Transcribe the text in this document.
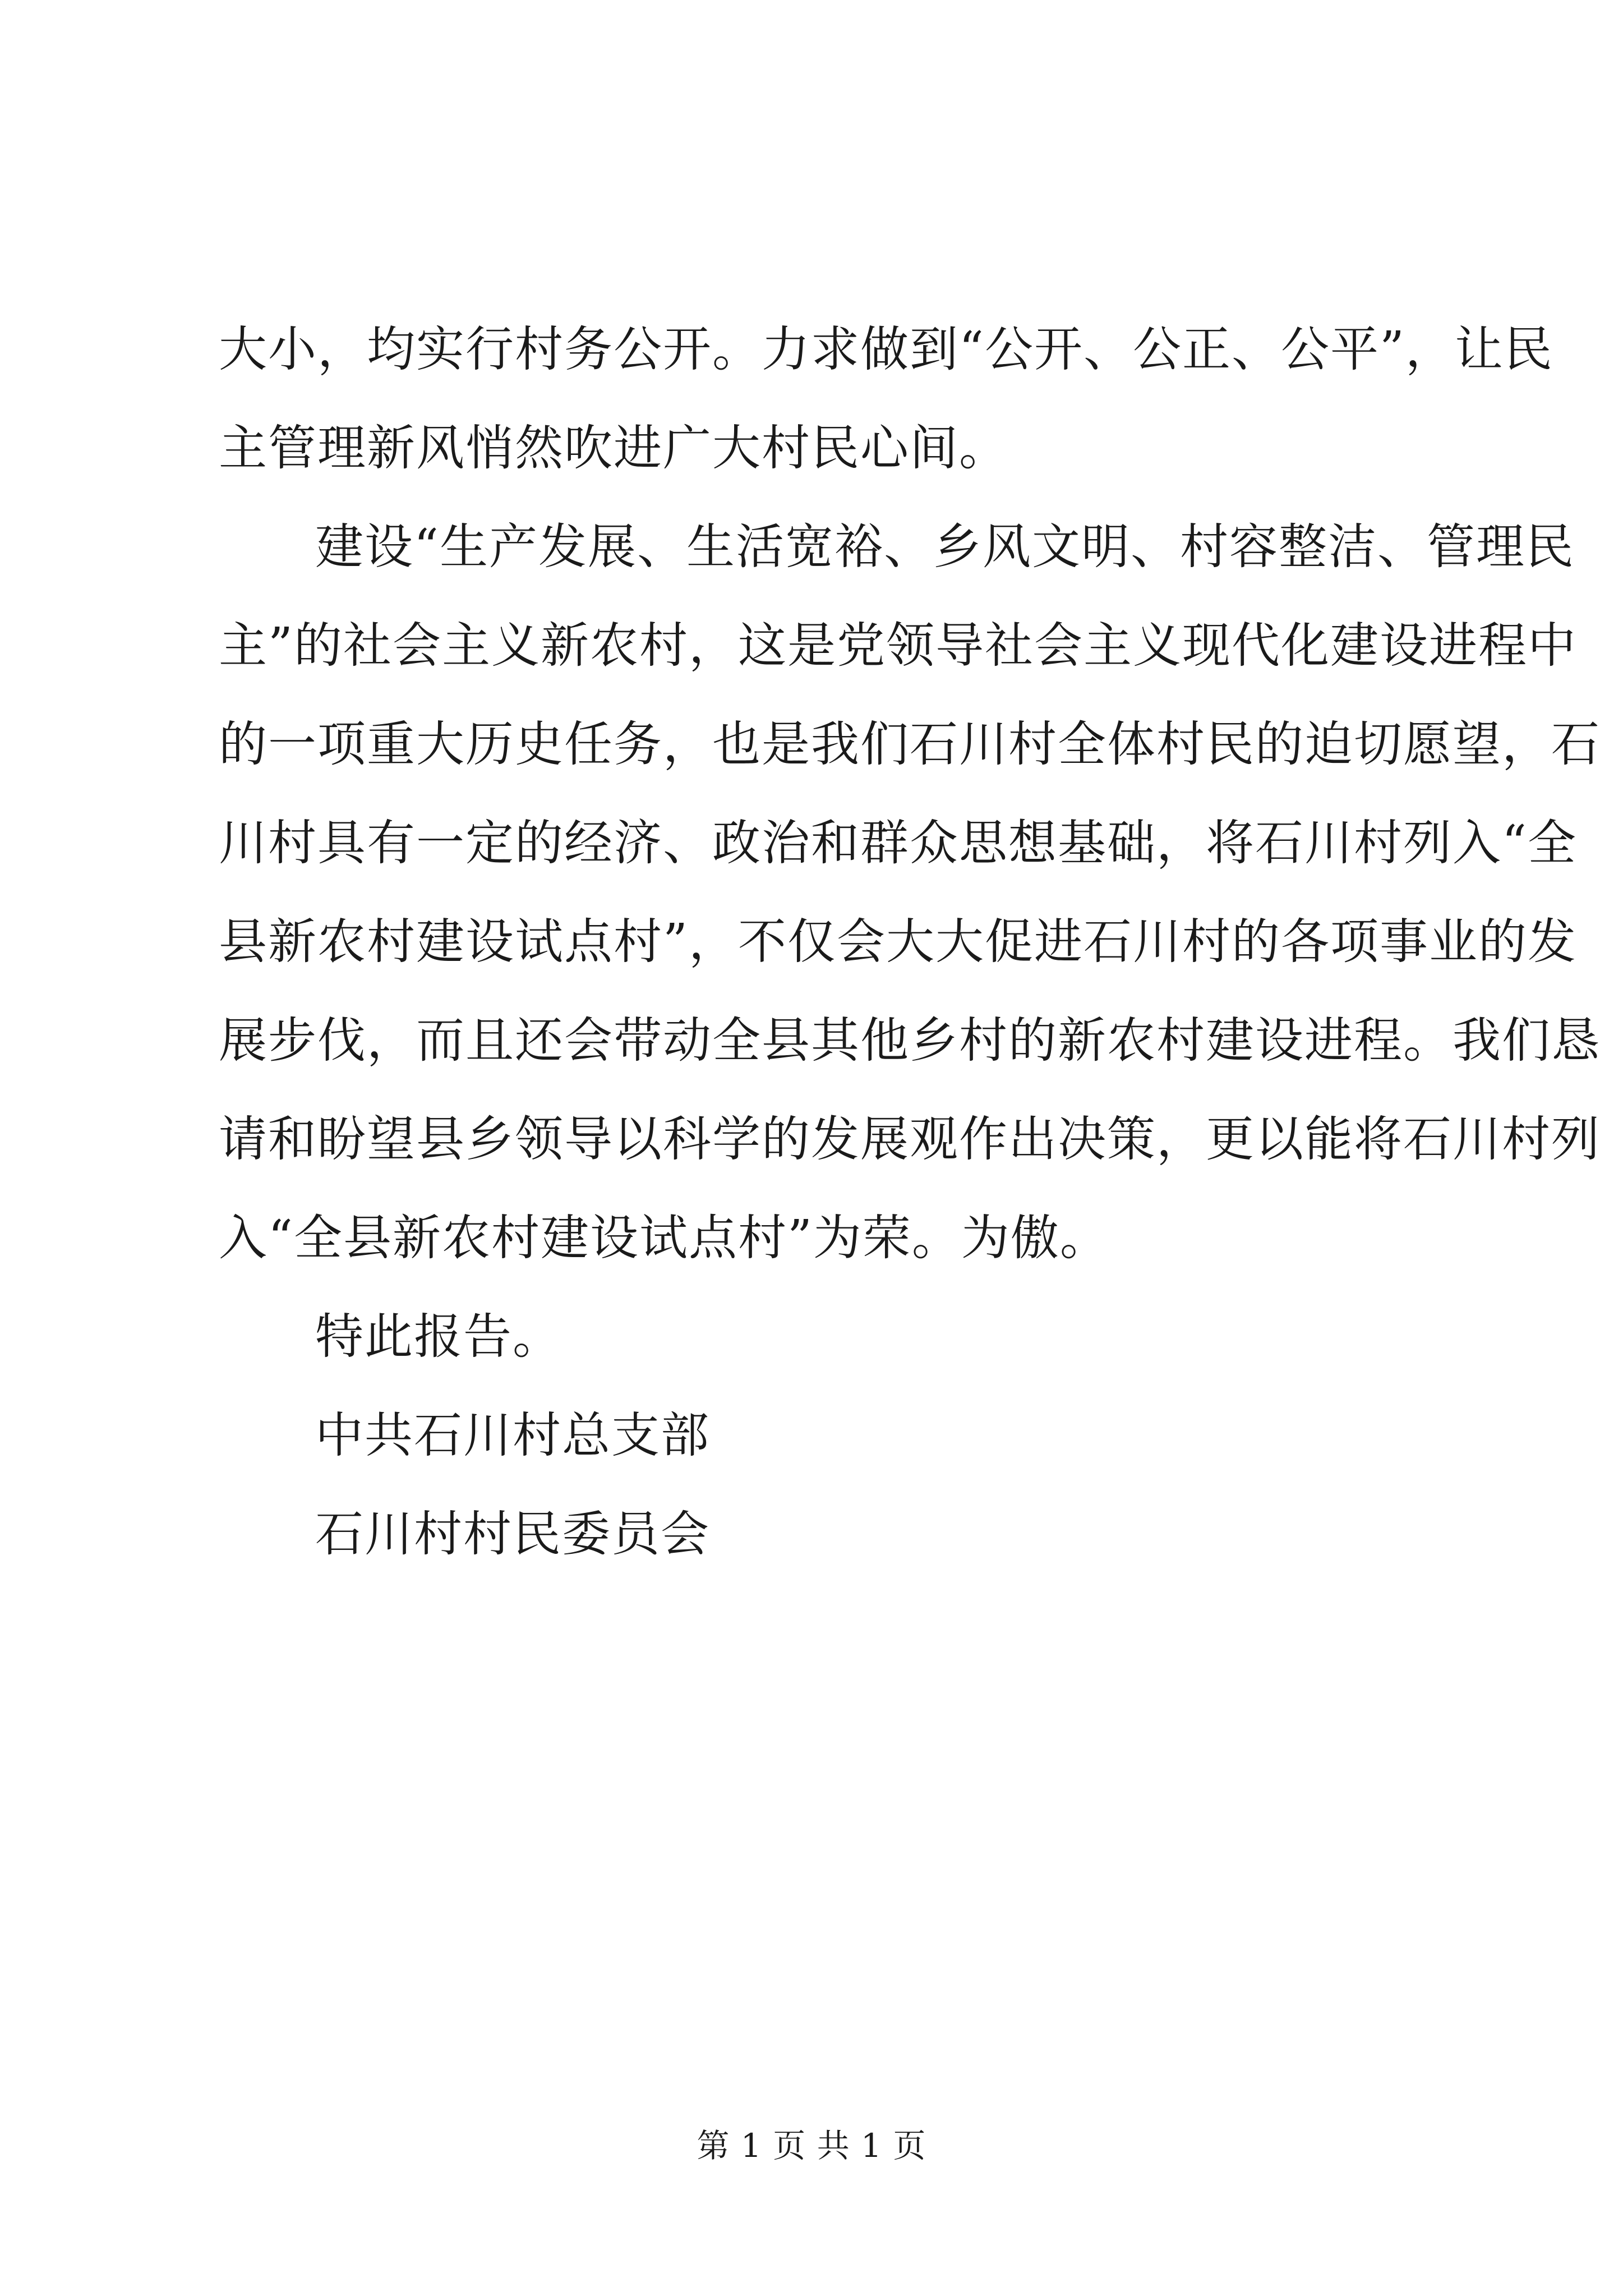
大小，均实行村务公开。力求做到“公开、公正、公平”，让民
主管理新风悄然吹进广大村民心间。
建设“生产发展、生活宽裕、乡风文明、村容整洁、管理民
主”的社会主义新农村，这是党领导社会主义现代化建设进程中
的一项重大历史任务，也是我们石川村全体村民的迫切愿望，石
川村具有一定的经济、政治和群众思想基础，将石川村列入“全
县新农村建设试点村”，不仅会大大促进石川村的各项事业的发
展步伐，而且还会带动全县其他乡村的新农村建设进程。我们恳
请和盼望县乡领导以科学的发展观作出决策，更以能将石川村列
入“全县新农村建设试点村”为荣。为傲。
特此报告。
中共石川村总支部
石川村村民委员会
第 1 页 共 1 页
